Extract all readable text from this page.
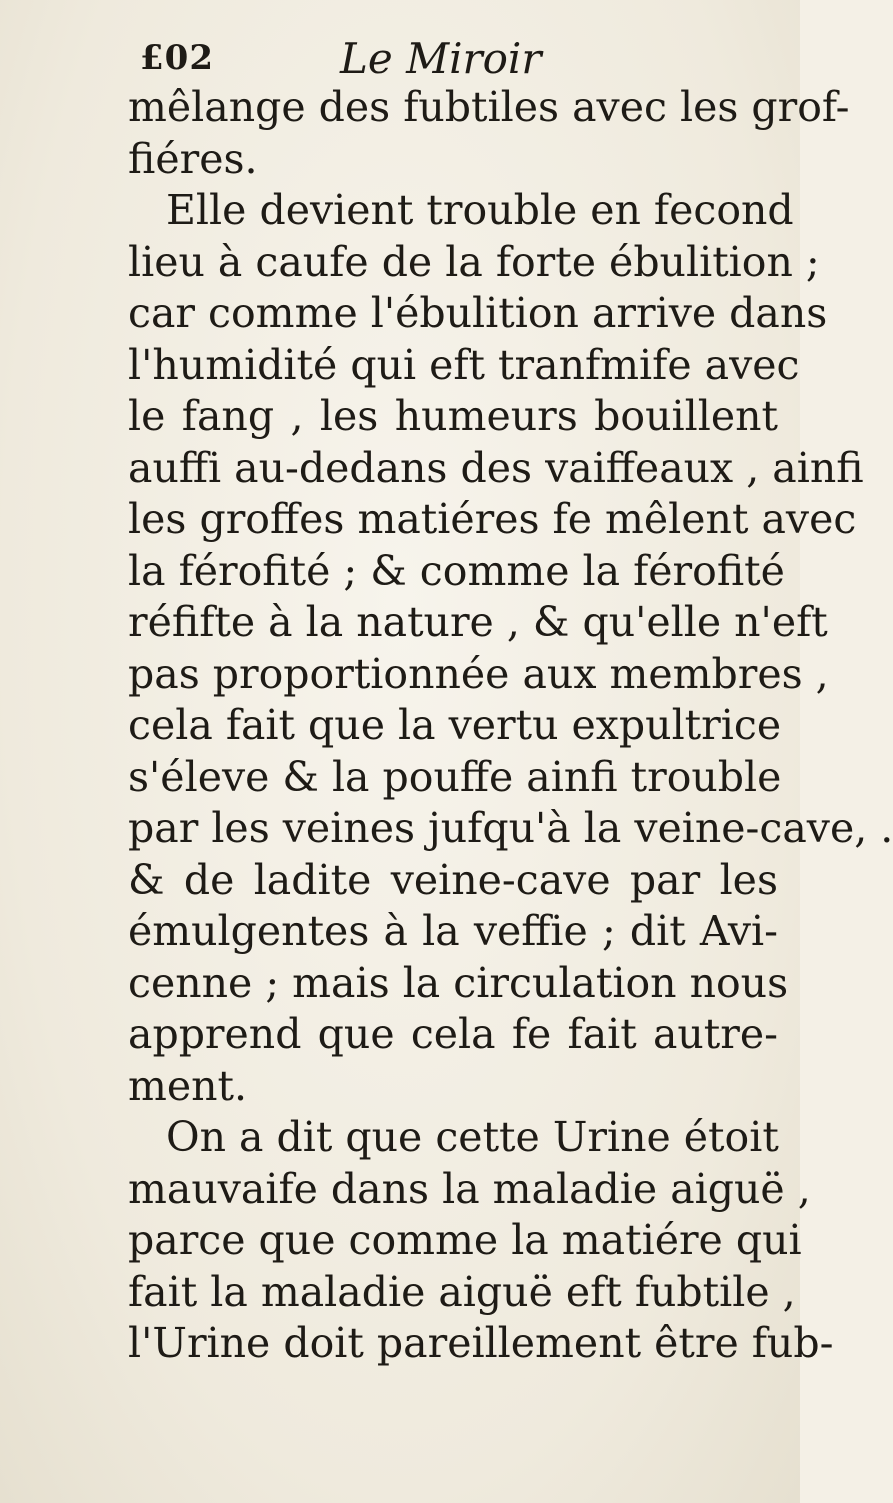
£02	Le Miroir
mêlange des fubtiles avec les grof-
fiéres.
Elle devient trouble en fecond
lieu à caufe de la forte ébulition ;
car comme l'ébulition arrive dans
l'humidité qui eft tranfmife avec
le fang , les humeurs bouillent
auffi au-dedans des vaiffeaux , ainfi
les groffes matiéres fe mêlent avec
la férofité ; & comme la férofité
réfifte à la nature , & qu'elle n'eft
pas proportionnée aux membres ,
cela fait que la vertu expultrice
s'éleve & la pouffe ainfi trouble
par les veines jufqu'à la veine-cave, .
& de ladite veine-cave par les
émulgentes à la veffie ; dit Avi-
cenne ; mais la circulation nous
apprend que cela fe fait autre-
ment.
On a dit que cette Urine étoit
mauvaife dans la maladie aiguë ,
parce que comme la matiére qui
fait la maladie aiguë eft fubtile ,
l'Urine doit pareillement être fub-
